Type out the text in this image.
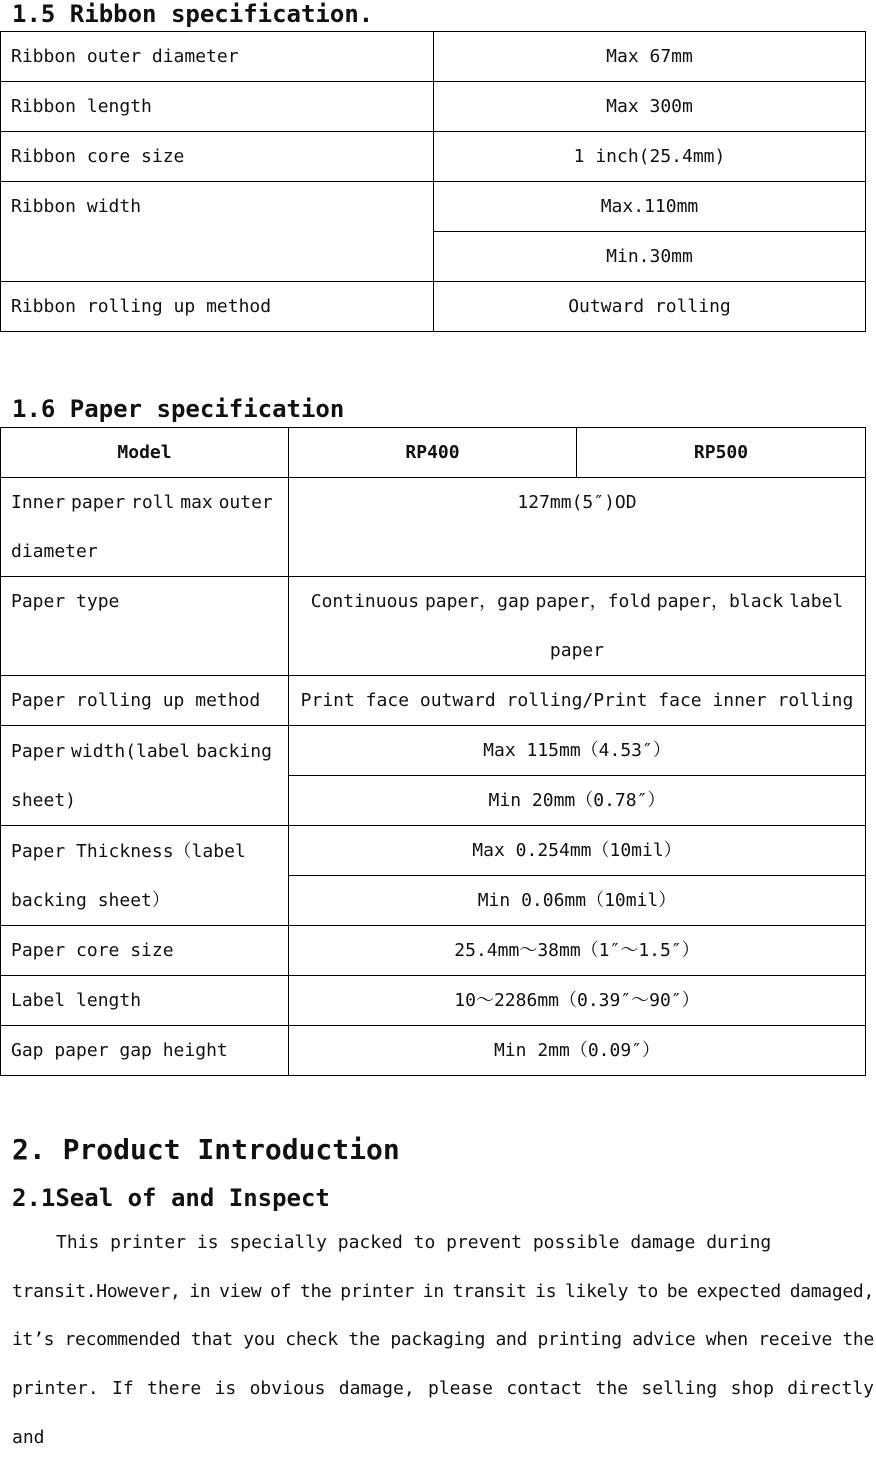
1.5 Ribbon specification.
Ribbon outer diameter	Max 67mm
Ribbon length	Max 300m
Ribbon core size	1 inch(25.4mm)
Ribbon width	Max.110mm
	Min.30mm
Ribbon rolling up method	Outward rolling
1.6 Paper specification
Model	RP400	RP500
Inner paper roll max outer diameter	127mm(5″)OD	
Paper type	Continuous paper，gap paper，fold paper，black label paper	
Paper rolling up method	Print face outward rolling/Print face inner rolling	
Paper width(label backing sheet)	Max 115mm（4.53″）	
	Min 20mm（0.78″）	
Paper Thickness（label backing sheet）	Max 0.254mm（10mil）	
	Min 0.06mm（10mil）	
Paper core size	25.4mm～38mm（1″～1.5″）	
Label length	10～2286mm（0.39″～90″）	
Gap paper gap height	Min 2mm（0.09″）	
2. Product Introduction
2.1Seal of and Inspect

This printer is specially packed to prevent possible damage during

transit.However, in view of the printer in transit is likely to be expected damaged,

it’s recommended that you check the packaging and printing advice when receive the

printer. If there is obvious damage, please contact the selling shop directly and
